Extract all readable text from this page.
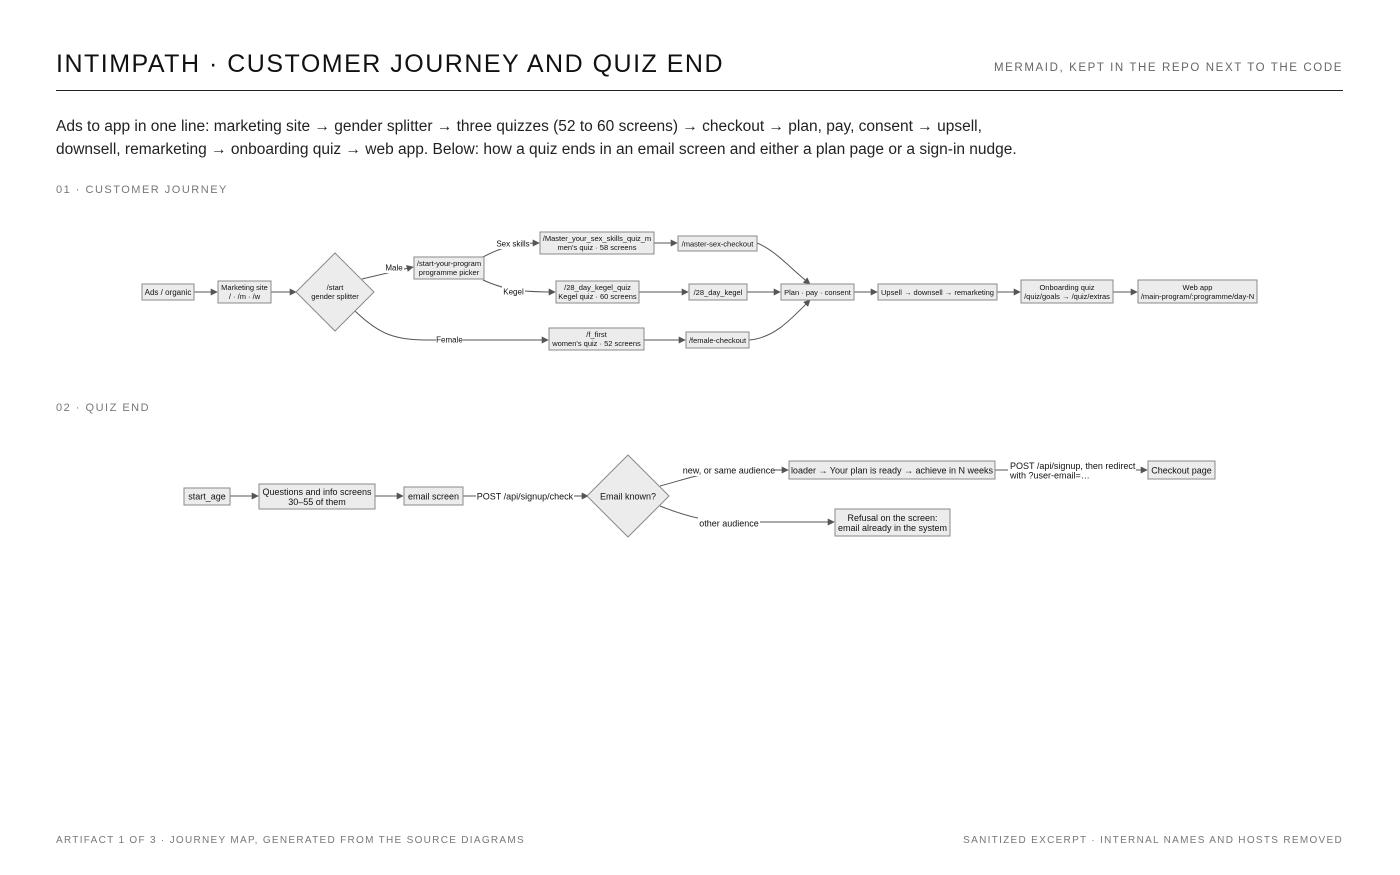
INTIMPATH · CUSTOMER JOURNEY AND QUIZ END	MERMAID, KEPT IN THE REPO NEXT TO THE CODE

Ads to app in one line: marketing site → gender splitter → three quizzes (52 to 60 screens) → checkout → plan, pay, consent → upsell,

downsell, remarketing → onboarding quiz → web app. Below: how a quiz ends in an email screen and either a plan page or a sign-in nudge.

01 · CUSTOMER JOURNEY
Male
Female
Sex skills
Kegel
Ads / organic
Marketing site
/ · /m · /w
/start
gender splitter
/start-your-program
programme picker
/Master_your_sex_skills_quiz_m
men's quiz · 58 screens	/master-sex-checkout
/28_day_kegel_quiz
Kegel quiz · 60 screens	/28_day_kegel
/f_first
women's quiz · 52 screens	/female-checkout
Plan · pay · consent	Upsell → downsell → remarketing
Onboarding quiz
/quiz/goals → /quiz/extras
Web app
/main-program/:programme/day-N
02 · QUIZ END
POST /api/signup/check
new, or same audience
other audience
POST /api/signup, then redirect
with ?user-email=…
start_age	Questions and info screens
30–55 of them
email screen	Email known?
loader → Your plan is ready → achieve in N weeks	Checkout page
Refusal on the screen:
email already in the system
ARTIFACT 1 OF 3 · JOURNEY MAP, GENERATED FROM THE SOURCE DIAGRAMS	SANITIZED EXCERPT · INTERNAL NAMES AND HOSTS REMOVED
